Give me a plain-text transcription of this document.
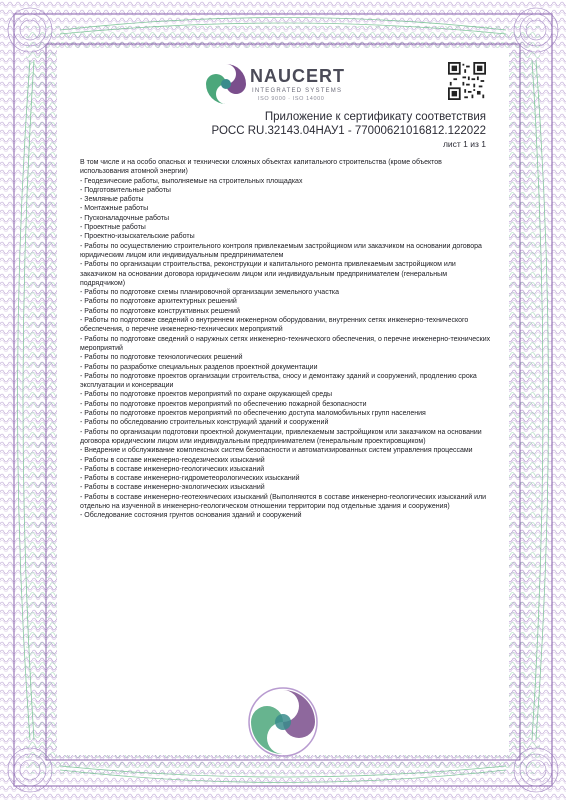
NAUCERT
INTEGRATED SYSTEMS
ISO 9000 · ISO 14000
Приложение к сертификату соответствия
РОСС RU.32143.04НАУ1 - 77000621016812.122022
лист 1 из 1

В том числе и на особо опасных и технически сложных объектах капитального строительства (кроме объектов использования атомной энергии)

- Геодезические работы, выполняемые на строительных площадках

- Подготовительные работы

- Земляные работы

- Монтажные работы

- Пусконаладочные работы

- Проектные работы

- Проектно-изыскательские работы

- Работы по осуществлению строительного контроля привлекаемым застройщиком или заказчиком на основании договора юридическим лицом или индивидуальным предпринимателем

- Работы по организации строительства, реконструкции и капитального ремонта привлекаемым застройщиком или заказчиком на основании договора юридическим лицом или индивидуальным предпринимателем (генеральным подрядчиком)

- Работы по подготовке схемы планировочной организации земельного участка

- Работы по подготовке архитектурных решений

- Работы по подготовке конструктивных решений

- Работы по подготовке сведений о внутреннем инженерном оборудовании, внутренних сетях инженерно-технического обеспечения, о перечне инженерно-технических мероприятий

- Работы по подготовке сведений о наружных сетях инженерно-технического обеспечения, о перечне инженерно-технических мероприятий

- Работы по подготовке технологических решений

- Работы по разработке специальных разделов проектной документации

- Работы по подготовке проектов организации строительства, сносу и демонтажу зданий и сооружений, продлению срока эксплуатации и консервации

- Работы по подготовке проектов мероприятий по охране окружающей среды

- Работы по подготовке проектов мероприятий по обеспечению пожарной безопасности

- Работы по подготовке проектов мероприятий по обеспечению доступа маломобильных групп населения

- Работы по обследованию строительных конструкций зданий и сооружений

- Работы по организации подготовки проектной документации, привлекаемым застройщиком или заказчиком на основании договора юридическим лицом или индивидуальным предпринимателем (генеральным проектировщиком)

- Внедрение и обслуживание комплексных систем безопасности и автоматизированных систем управления процессами

- Работы в составе инженерно-геодезических изысканий

- Работы в составе инженерно-геологических изысканий

- Работы в составе инженерно-гидрометеорологических изысканий

- Работы в составе инженерно-экологических изысканий

- Работы в составе инженерно-геотехнических изысканий (Выполняются в составе инженерно-геологических изысканий или отдельно на изученной в инженерно-геологическом отношении территории под отдельные здания и сооружения)

- Обследование состояния грунтов основания зданий и сооружений
